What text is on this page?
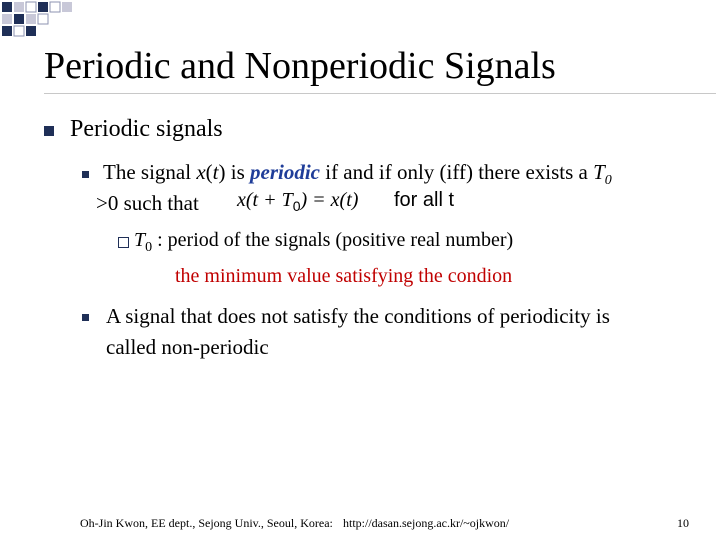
Periodic and Nonperiodic Signals
Periodic signals
The signal x(t) is periodic if and if only (iff) there exists a $T_0$
>0 such that $x(t + T_0) = x(t)$ for all t
$T_0$ : period of the signals (positive real number)
the minimum value satisfying the condion
A signal that does not satisfy the conditions of periodicity is
called non-periodic
Oh-Jin Kwon, EE dept., Sejong Univ., Seoul, Korea: http://dasan.sejong.ac.kr/~ojkwon/	10
